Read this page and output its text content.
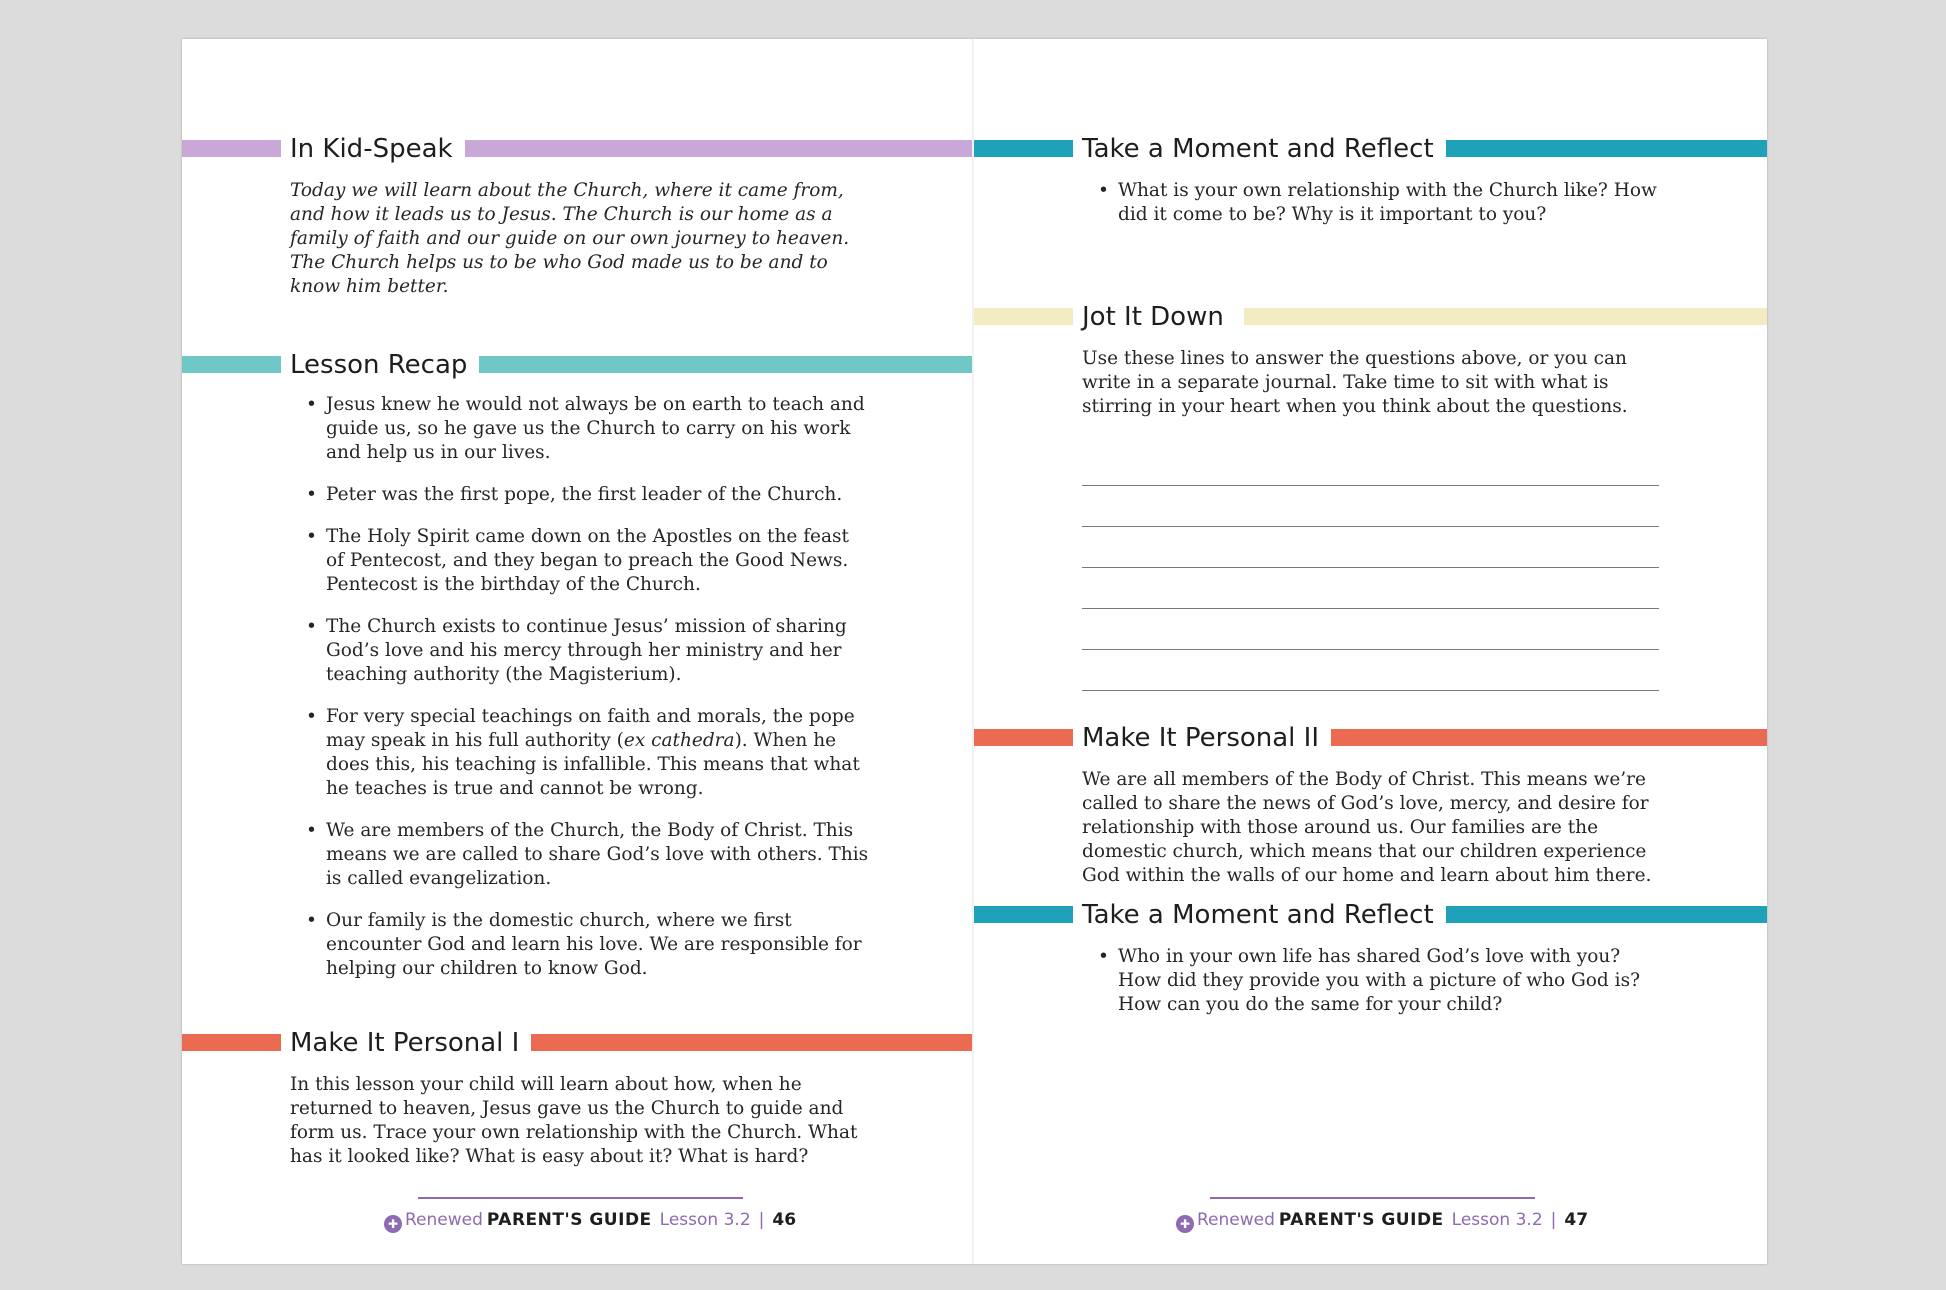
In Kid-Speak
Today we will learn about the Church, where it came from, and how it leads us to Jesus. The Church is our home as a family of faith and our guide on our own journey to heaven. The Church helps us to be who God made us to be and to know him better.
Lesson Recap
• Jesus knew he would not always be on earth to teach and guide us, so he gave us the Church to carry on his work and help us in our lives.
• Peter was the first pope, the first leader of the Church.
• The Holy Spirit came down on the Apostles on the feast of Pentecost, and they began to preach the Good News. Pentecost is the birthday of the Church.
• The Church exists to continue Jesus’ mission of sharing God’s love and his mercy through her ministry and her teaching authority (the Magisterium).
• For very special teachings on faith and morals, the pope may speak in his full authority (ex cathedra). When he does this, his teaching is infallible. This means that what he teaches is true and cannot be wrong.
• We are members of the Church, the Body of Christ. This means we are called to share God’s love with others. This is called evangelization.
• Our family is the domestic church, where we first encounter God and learn his love. We are responsible for helping our children to know God.
Make It Personal I
In this lesson your child will learn about how, when he returned to heaven, Jesus gave us the Church to guide and form us. Trace your own relationship with the Church. What has it looked like? What is easy about it? What is hard?
✚ Renewed PARENT'S GUIDE Lesson 3.2 | 46
Take a Moment and Reflect
• What is your own relationship with the Church like? How did it come to be? Why is it important to you?
Jot It Down
Use these lines to answer the questions above, or you can write in a separate journal. Take time to sit with what is stirring in your heart when you think about the questions.
Make It Personal II
We are all members of the Body of Christ. This means we’re called to share the news of God’s love, mercy, and desire for relationship with those around us. Our families are the domestic church, which means that our children experience God within the walls of our home and learn about him there.
Take a Moment and Reflect
• Who in your own life has shared God’s love with you? How did they provide you with a picture of who God is? How can you do the same for your child?
✚ Renewed PARENT'S GUIDE Lesson 3.2 | 47
